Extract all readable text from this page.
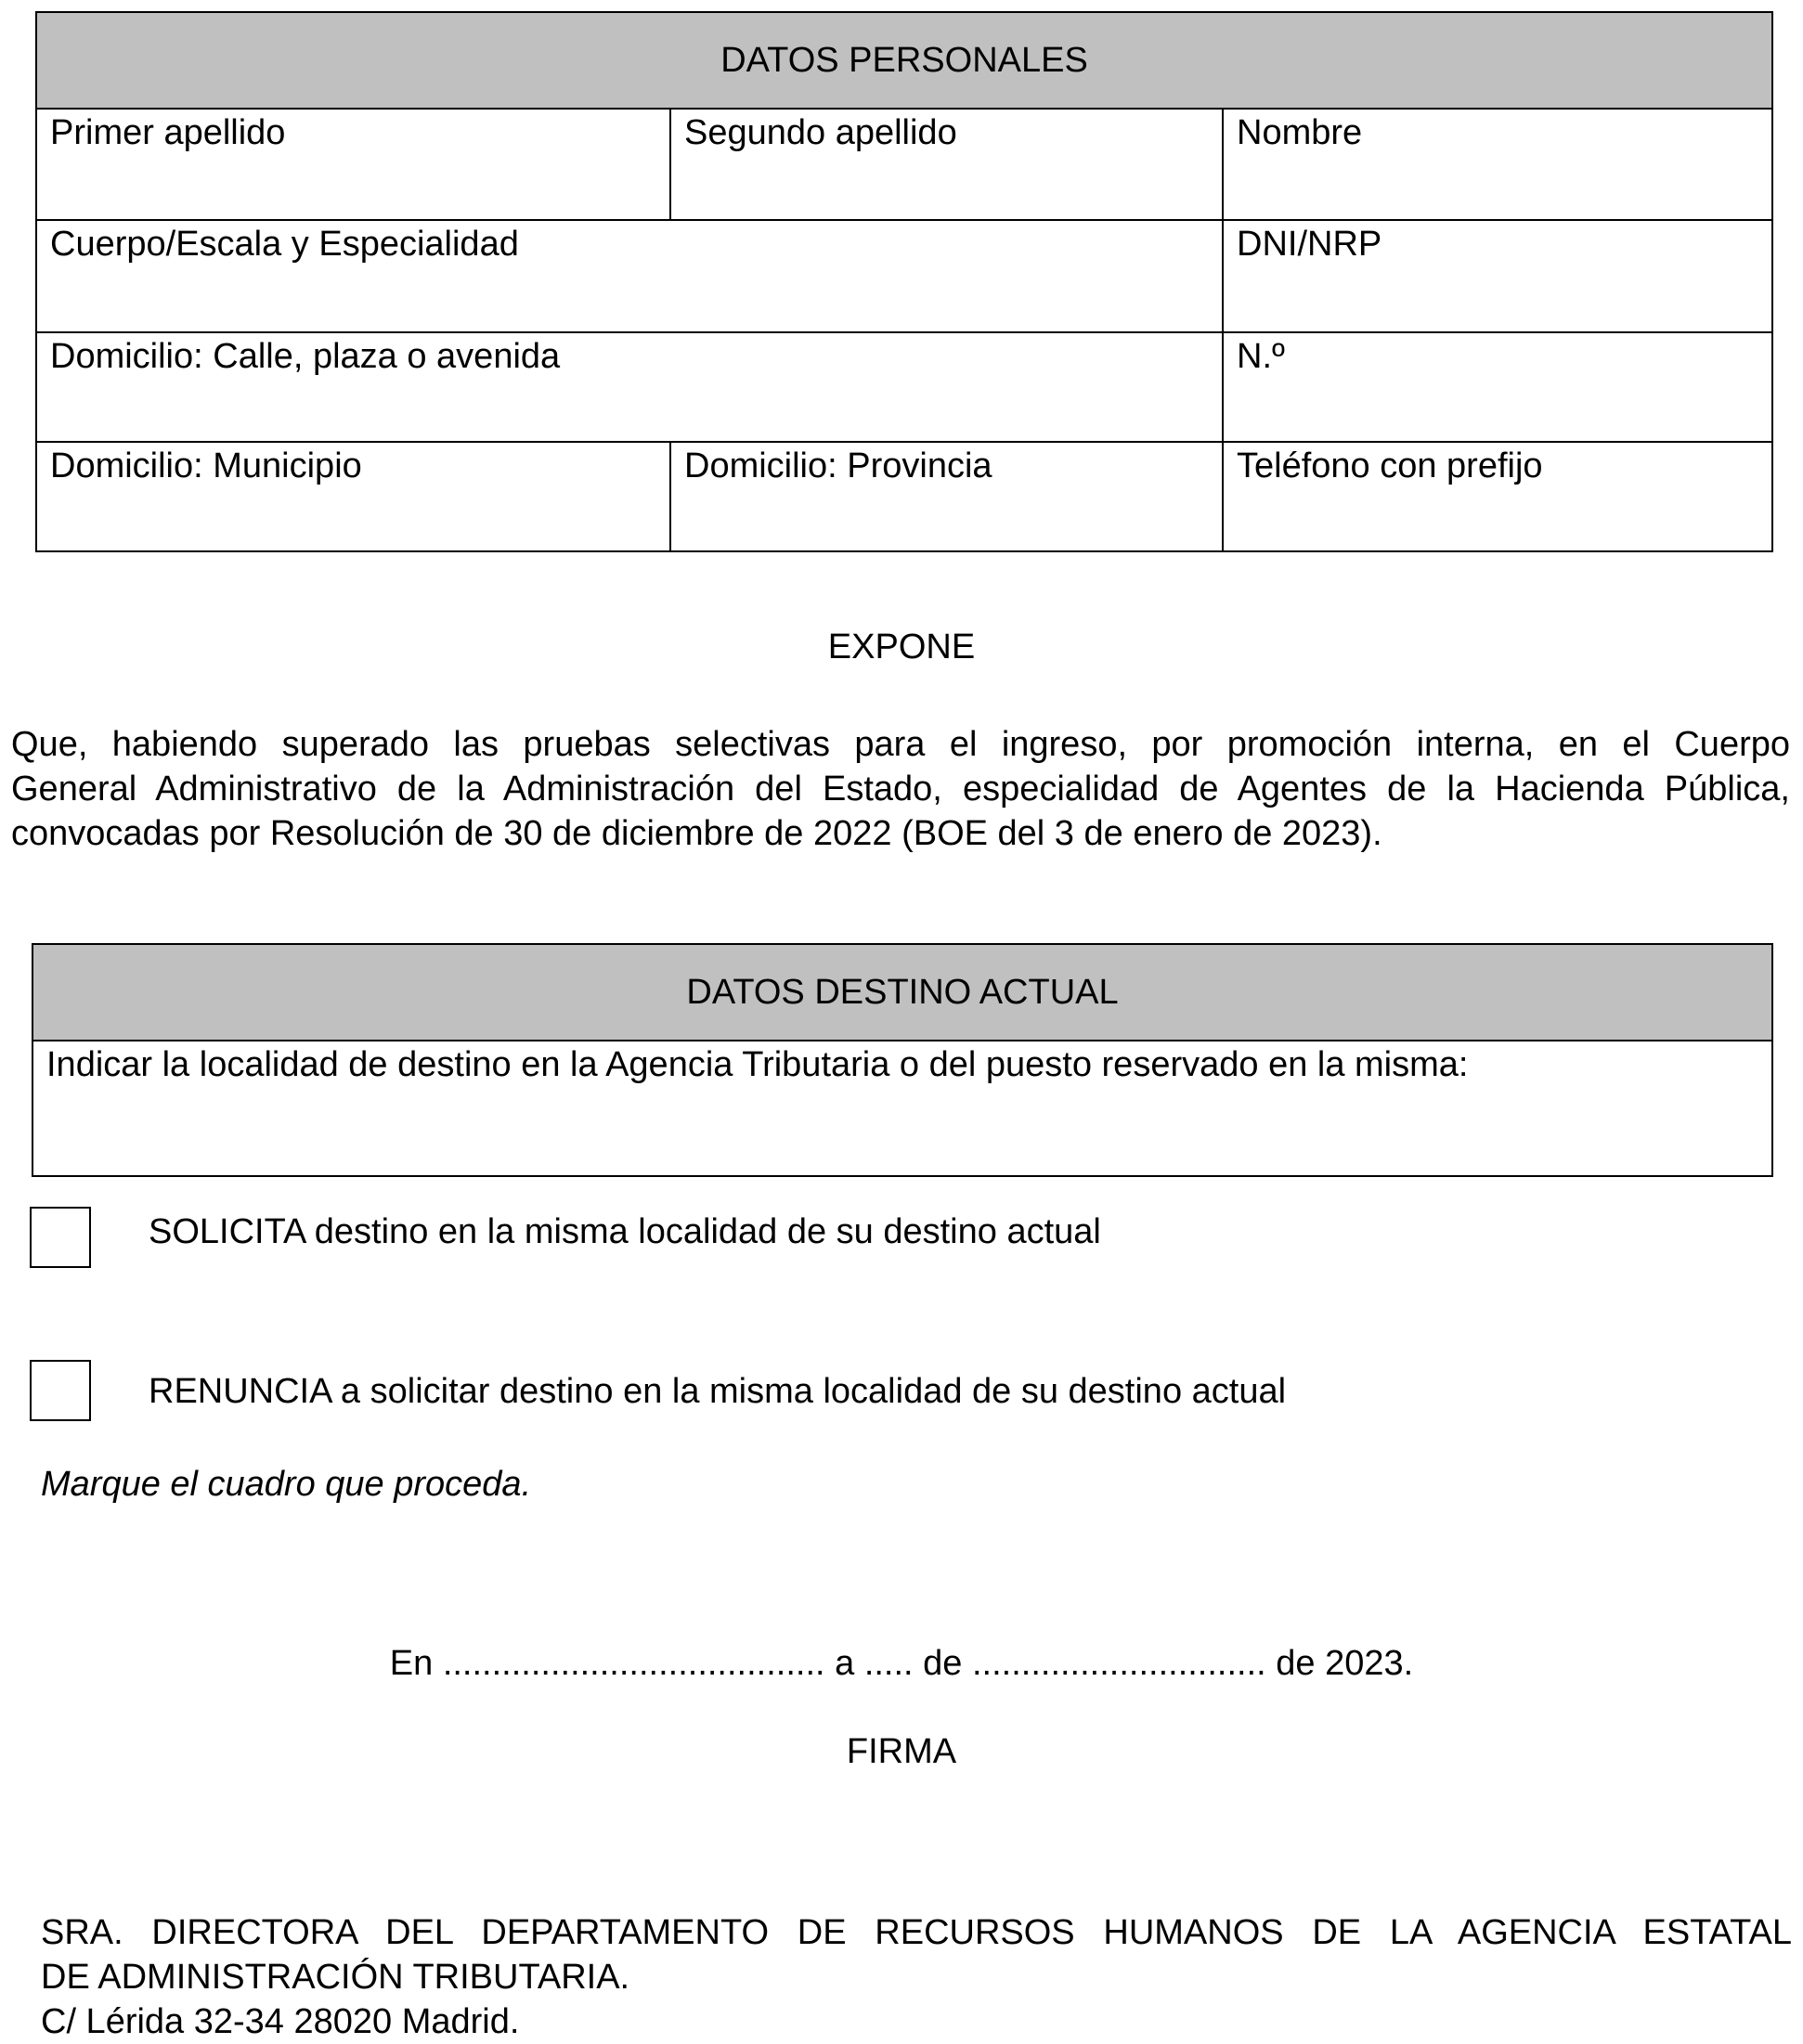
DATOS PERSONALES		

Primer apellido	Segundo apellido	Nombre

Cuerpo/Escala y Especialidad		DNI/NRP

Domicilio: Calle, plaza o avenida		N.º

Domicilio: Municipio	Domicilio: Provincia	Teléfono con prefijo
EXPONE
Que, habiendo superado las pruebas selectivas para el ingreso, por promoción interna, en el Cuerpo
General Administrativo de la Administración del Estado, especialidad de Agentes de la Hacienda Pública,
convocadas por Resolución de 30 de diciembre de 2022 (BOE del 3 de enero de 2023).
DATOS DESTINO ACTUAL

Indicar la localidad de destino en la Agencia Tributaria o del puesto reservado en la misma:
SOLICITA destino en la misma localidad de su destino actual
RENUNCIA a solicitar destino en la misma localidad de su destino actual
Marque el cuadro que proceda.
En ....................................... a ..... de .............................. de 2023.
FIRMA
SRA. DIRECTORA DEL DEPARTAMENTO DE RECURSOS HUMANOS DE LA AGENCIA ESTATAL
DE ADMINISTRACIÓN TRIBUTARIA.
C/ Lérida 32-34 28020 Madrid.
